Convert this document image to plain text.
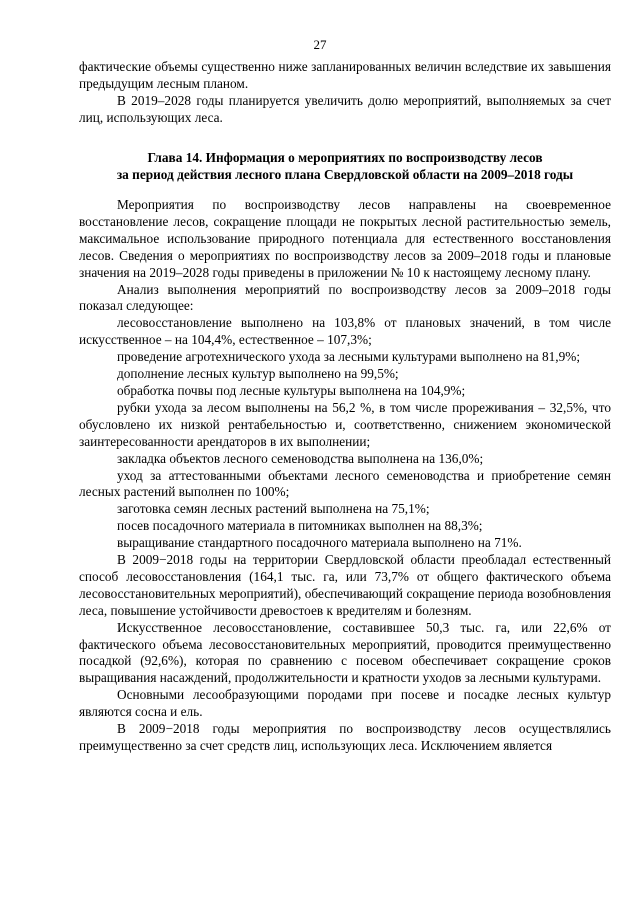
27

фактические объемы существенно ниже запланированных величин вследствие их завышения предыдущим лесным планом.

В 2019–2028 годы планируется увеличить долю мероприятий, выполняемых за счет лиц, использующих леса.

Глава 14. Информация о мероприятиях по воспроизводству лесов
за период действия лесного плана Свердловской области на 2009–2018 годы

Мероприятия по воспроизводству лесов направлены на своевременное восстановление лесов, сокращение площади не покрытых лесной растительностью земель, максимальное использование природного потенциала для естественного восстановления лесов. Сведения о мероприятиях по воспроизводству лесов за 2009–2018 годы и плановые значения на 2019–2028 годы приведены в приложении № 10 к настоящему лесному плану.

Анализ выполнения мероприятий по воспроизводству лесов за 2009–2018 годы показал следующее:

лесовосстановление выполнено на 103,8% от плановых значений, в том числе искусственное – на 104,4%, естественное – 107,3%;

проведение агротехнического ухода за лесными культурами выполнено на 81,9%;

дополнение лесных культур выполнено на 99,5%;

обработка почвы под лесные культуры выполнена на 104,9%;

рубки ухода за лесом выполнены на 56,2 %, в том числе прореживания – 32,5%, что обусловлено их низкой рентабельностью и, соответственно, снижением экономической заинтересованности арендаторов в их выполнении;

закладка объектов лесного семеноводства выполнена на 136,0%;

уход за аттестованными объектами лесного семеноводства и приобретение семян лесных растений выполнен по 100%;

заготовка семян лесных растений выполнена на 75,1%;

посев посадочного материала в питомниках выполнен на 88,3%;

выращивание стандартного посадочного материала выполнено на 71%.

В 2009−2018 годы на территории Свердловской области преобладал естественный способ лесовосстановления (164,1 тыс. га, или 73,7% от общего фактического объема лесовосстановительных мероприятий), обеспечивающий сокращение периода возобновления леса, повышение устойчивости древостоев к вредителям и болезням.

Искусственное лесовосстановление, составившее 50,3 тыс. га, или 22,6% от фактического объема лесовосстановительных мероприятий, проводится преимущественно посадкой (92,6%), которая по сравнению с посевом обеспечивает сокращение сроков выращивания насаждений, продолжительности и кратности уходов за лесными культурами.

Основными лесообразующими породами при посеве и посадке лесных культур являются сосна и ель.

В 2009−2018 годы мероприятия по воспроизводству лесов осуществлялись преимущественно за счет средств лиц, использующих леса. Исключением является
